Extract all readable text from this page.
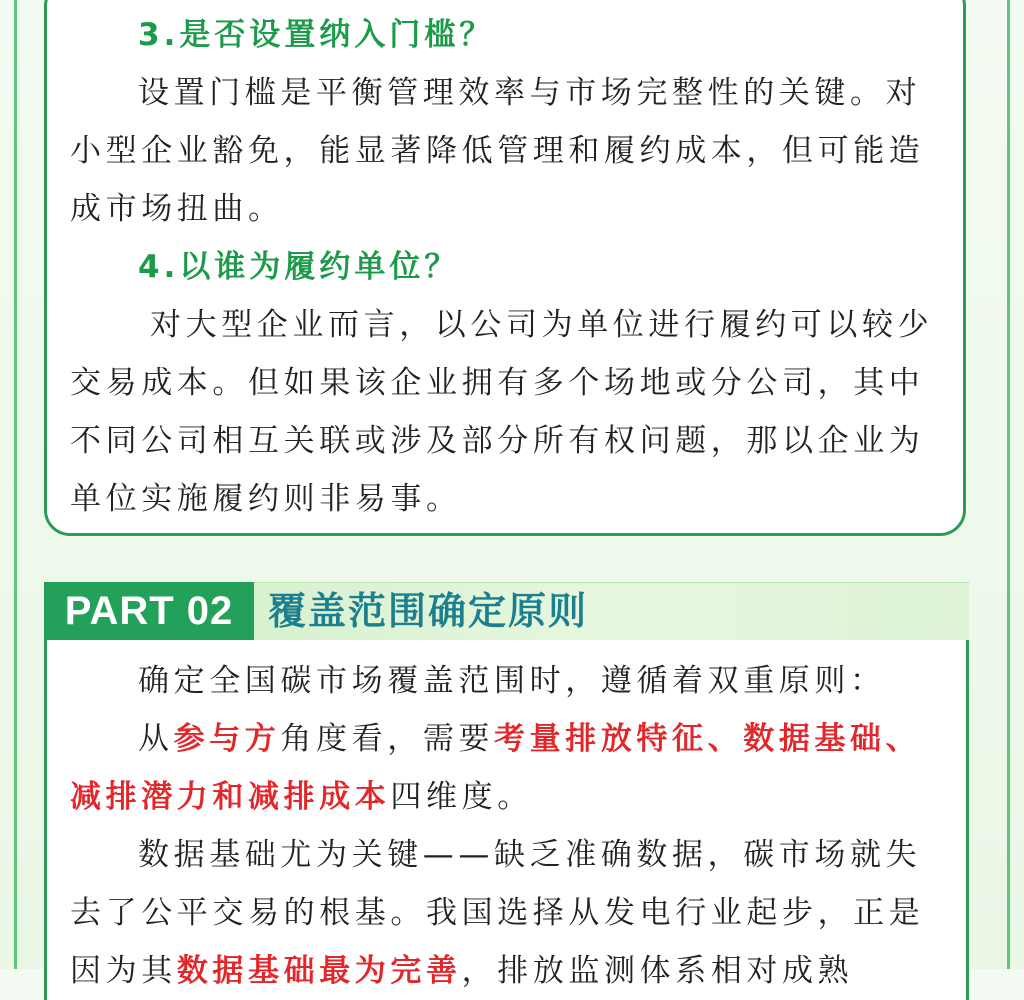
3.是否设置纳入门槛？

设置门槛是平衡管理效率与市场完整性的关键。对小型企业豁免，能显著降低管理和履约成本，但可能造成市场扭曲。

4.以谁为履约单位？

对大型企业而言，以公司为单位进行履约可以较少交易成本。但如果该企业拥有多个场地或分公司，其中不同公司相互关联或涉及部分所有权问题，那以企业为单位实施履约则非易事。

PART 02 覆盖范围确定原则

确定全国碳市场覆盖范围时，遵循着双重原则：

从参与方角度看，需要考量排放特征、数据基础、减排潜力和减排成本四维度。

数据基础尤为关键——缺乏准确数据，碳市场就失去了公平交易的根基。我国选择从发电行业起步，正是因为其数据基础最为完善，排放监测体系相对成熟
